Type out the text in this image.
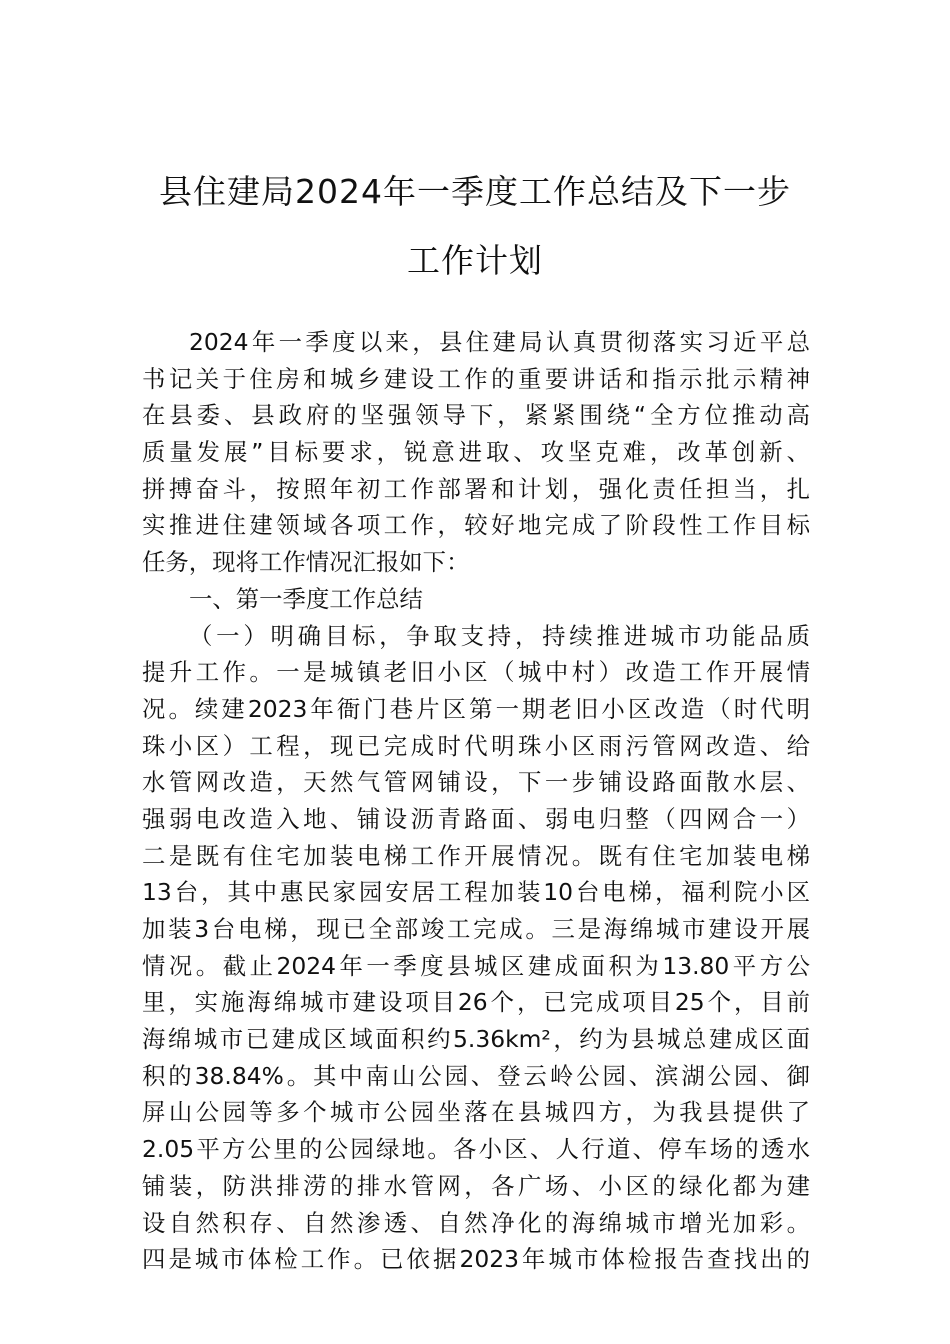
县住建局2024年一季度工作总结及下一步
工作计划
2024年一季度以来，县住建局认真贯彻落实习近平总
书记关于住房和城乡建设工作的重要讲话和指示批示精神
在县委、县政府的坚强领导下，紧紧围绕“全方位推动高
质量发展”目标要求，锐意进取、攻坚克难，改革创新、
拼搏奋斗，按照年初工作部署和计划，强化责任担当，扎
实推进住建领域各项工作，较好地完成了阶段性工作目标
任务，现将工作情况汇报如下：
一、第一季度工作总结
（一）明确目标，争取支持，持续推进城市功能品质
提升工作。一是城镇老旧小区（城中村）改造工作开展情
况。续建2023年衙门巷片区第一期老旧小区改造（时代明
珠小区）工程，现已完成时代明珠小区雨污管网改造、给
水管网改造，天然气管网铺设，下一步铺设路面散水层、
强弱电改造入地、铺设沥青路面、弱电归整（四网合一）
二是既有住宅加装电梯工作开展情况。既有住宅加装电梯
13台，其中惠民家园安居工程加装10台电梯，福利院小区
加装3台电梯，现已全部竣工完成。三是海绵城市建设开展
情况。截止2024年一季度县城区建成面积为13.80平方公
里，实施海绵城市建设项目26个，已完成项目25个，目前
海绵城市已建成区域面积约5.36km²，约为县城总建成区面
积的38.84%。其中南山公园、登云岭公园、滨湖公园、御
屏山公园等多个城市公园坐落在县城四方，为我县提供了
2.05平方公里的公园绿地。各小区、人行道、停车场的透水
铺装，防洪排涝的排水管网，各广场、小区的绿化都为建
设自然积存、自然渗透、自然净化的海绵城市增光加彩。
四是城市体检工作。已依据2023年城市体检报告查找出的
